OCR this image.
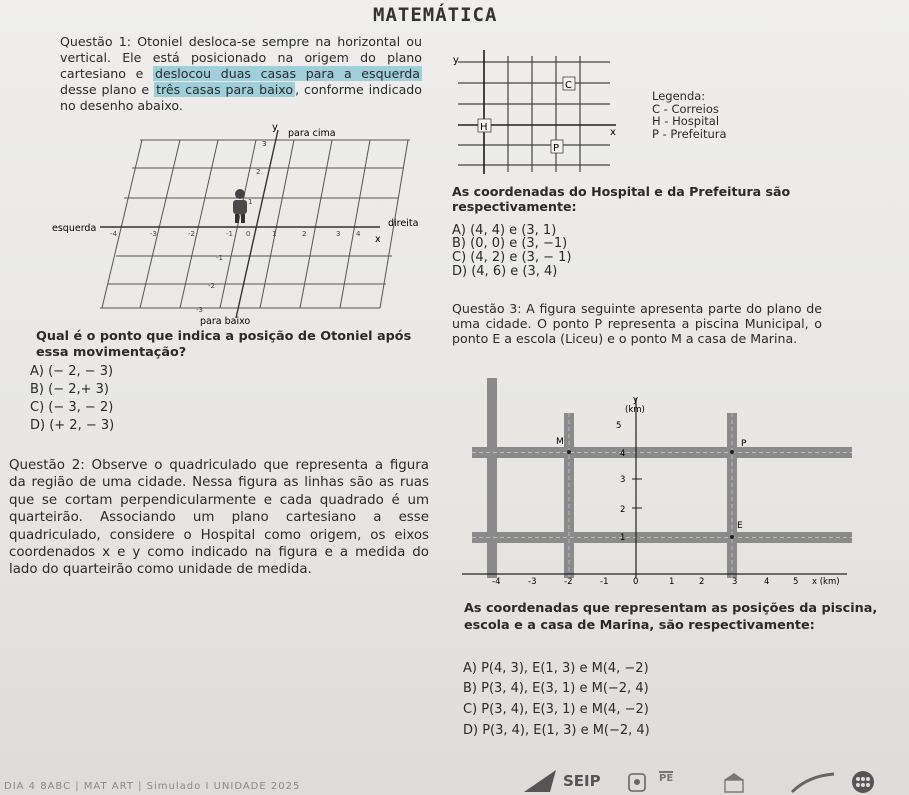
MATEMÁTICA
Questão 1: Otoniel desloca-se sempre na horizontal ou vertical. Ele está posicionado na origem do plano cartesiano e deslocou duas casas para a esquerda desse plano e três casas para baixo , conforme indicado no desenho abaixo.
y
para cima
para baixo
esquerda	direita
x
-4	-3	-2	-1 0	1	2	3 4
3
2
1
-1
-2
-3
Qual é o ponto que indica a posição de Otoniel após essa movimentação?
A) (− 2, − 3)
B) (− 2,+ 3)
C) (− 3, − 2)
D) (+ 2, − 3)
Questão 2: Observe o quadriculado que representa a figura da região de uma cidade. Nessa figura as linhas são as ruas que se cortam perpendicularmente e cada quadrado é um quarteirão. Associando um plano cartesiano a esse quadriculado, considere o Hospital como origem, os eixos coordenados x e y como indicado na figura e a medida do lado do quarteirão como unidade de medida.
y
x
C
H
P
Legenda:
C - Correios
H - Hospital
P - Prefeitura
As coordenadas do Hospital e da Prefeitura são respectivamente:
A) (4, 4) e (3, 1)
B) (0, 0) e (3, −1)
C) (4, 2) e (3, − 1)
D) (4, 6) e (3, 4)
Questão 3: A figura seguinte apresenta parte do plano de uma cidade. O ponto P representa a piscina Municipal, o ponto E a escola (Liceu) e o ponto M a casa de Marina.
y
(km)
x (km)
-4	-3	-2	-1	0	1	2	3	4	5
1
2
3
4
5
M	P
E
As coordenadas que representam as posições da piscina, escola e a casa de Marina, são respectivamente:
A) P(4, 3), E(1, 3) e M(4, −2)
B) P(3, 4), E(3, 1) e M(−2, 4)
C) P(3, 4), E(3, 1) e M(4, −2)
D) P(3, 4), E(1, 3) e M(−2, 4)
DIA 4 8ABC | MAT ART | Simulado I UNIDADE 2025	SEIP	PE
